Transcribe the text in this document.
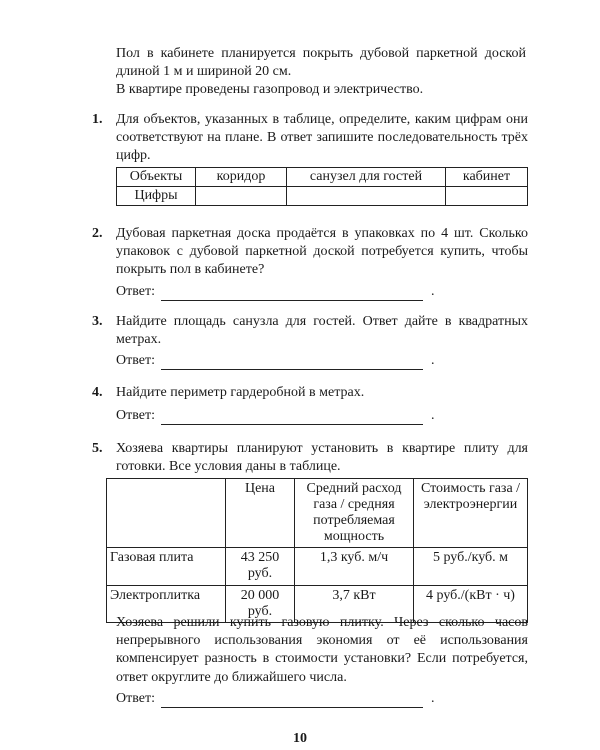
Пол в кабинете планируется покрыть дубовой паркетной доской длиной 1 м и шириной 20 см.

В квартире проведены газопровод и электричество.

1. Для объектов, указанных в таблице, определите, каким цифрам они соответствуют на плане. В ответ запишите последовательность трёх цифр.
Объекты	коридор	санузел для гостей	кабинет
Цифры			
2. Дубовая паркетная доска продаётся в упаковках по 4 шт. Сколько упаковок с дубовой паркетной доской потребуется купить, чтобы покрыть пол в кабинете?
Ответ:	.
3. Найдите площадь санузла для гостей. Ответ дайте в квадратных метрах.
Ответ:	.
4. Найдите периметр гардеробной в метрах.
Ответ:	.
5. Хозяева квартиры планируют установить в квартире плиту для готовки. Все условия даны в таблице.
	Цена	Средний расход газа / средняя потребляемая мощность	Стоимость газа / электроэнергии
Газовая плита	43 250 руб.	1,3 куб. м/ч	5 руб./куб. м
Электроплитка	20 000 руб.	3,7 кВт	4 руб./(кВт · ч)
Хозяева решили купить газовую плитку. Через сколько часов непрерывного использования экономия от её использования компенсирует разность в стоимости установки? Если потребуется, ответ округлите до ближайшего числа.
Ответ:	.
10
